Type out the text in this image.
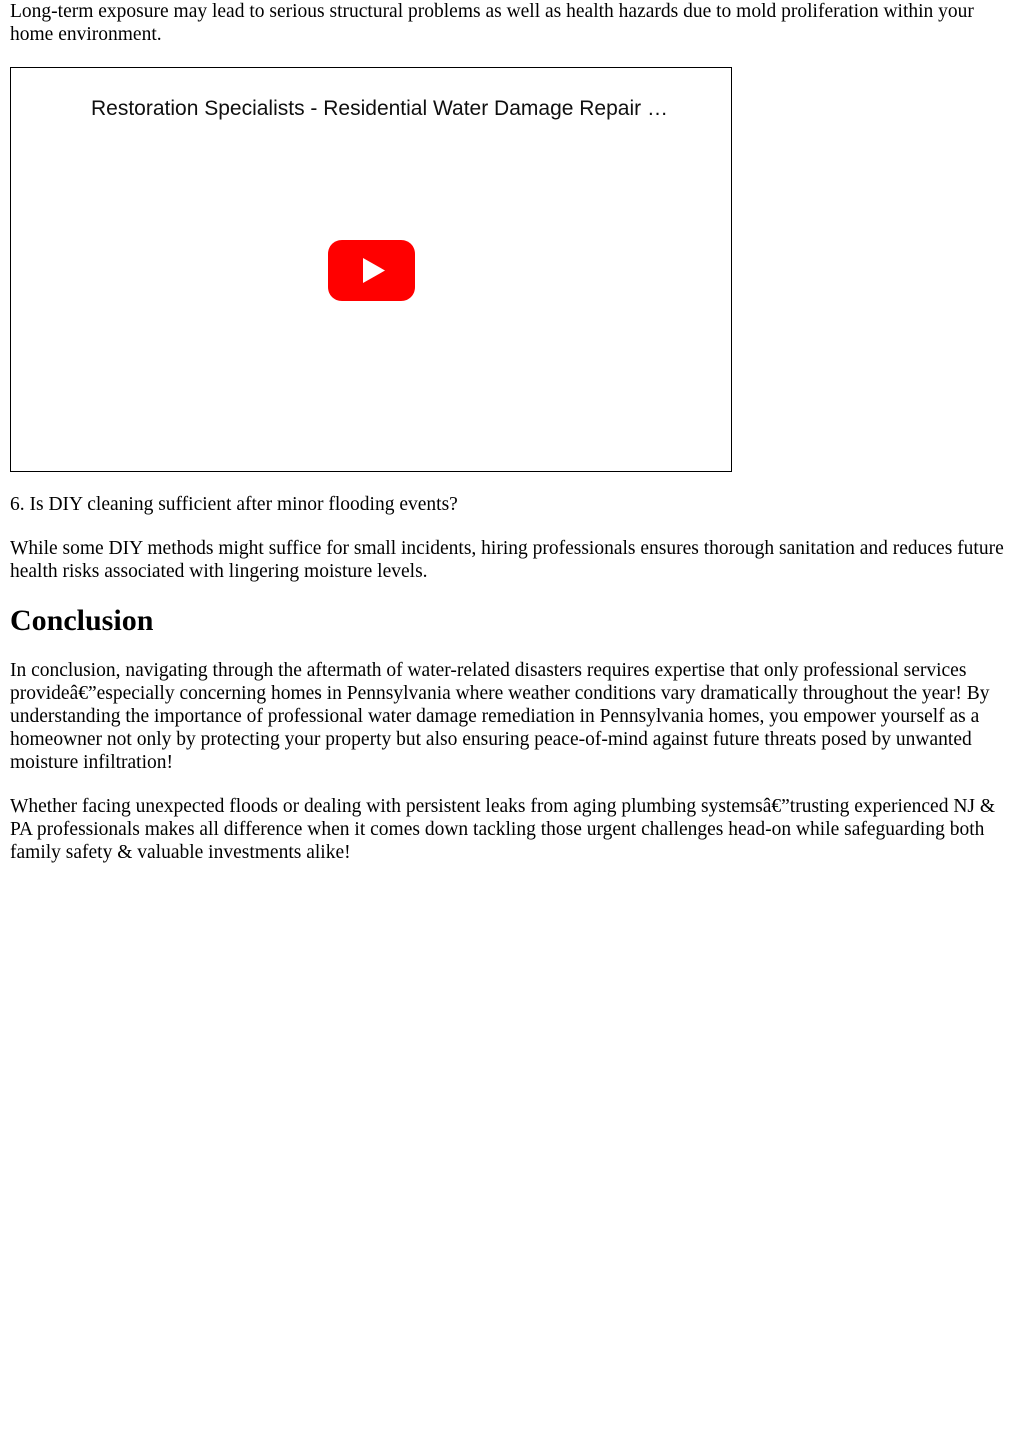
Long-term exposure may lead to serious structural problems as well as health hazards due to mold proliferation within your home environment.

Restoration Specialists - Residential Water Damage Repair …

6. Is DIY cleaning sufficient after minor flooding events?

While some DIY methods might suffice for small incidents, hiring professionals ensures thorough sanitation and reduces future health risks associated with lingering moisture levels.

Conclusion

In conclusion, navigating through the aftermath of water-related disasters requires expertise that only professional services provideâ€”especially concerning homes in Pennsylvania where weather conditions vary dramatically throughout the year! By understanding the importance of professional water damage remediation in Pennsylvania homes, you empower yourself as a homeowner not only by protecting your property but also ensuring peace-of-mind against future threats posed by unwanted moisture infiltration!

Whether facing unexpected floods or dealing with persistent leaks from aging plumbing systemsâ€”trusting experienced NJ & PA professionals makes all difference when it comes down tackling those urgent challenges head-on while safeguarding both family safety & valuable investments alike!
